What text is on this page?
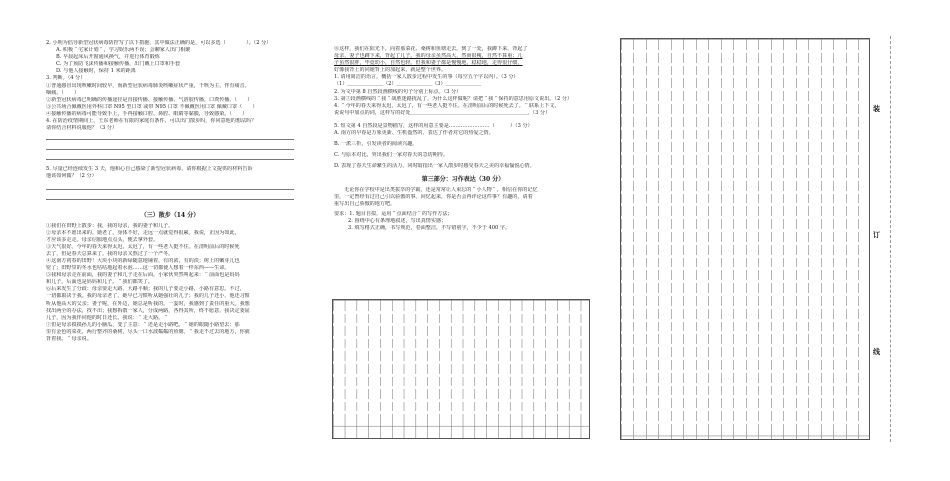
2. 小明为倡导新型冠状病毒防控写了以下措施，其中做法正确的是，可以多选（　　　　）。（2 分）

A. 积极＂宅家计划＂，学习娱乐两不误；会聊家人出门相聚

B. 早晨起床后开窗通风换气，并进行体育锻炼

C. 为了预防飞沫传播和接触传播，出门戴上口罩和手套

D. 与他人接触时，保持 1 米的距离

3. 判断。（4 分）

①普通感冒出现咳嗽时间较早，而新型冠状病毒肺炎咳嗽症状严重，干咳为主，伴有痰音。

咽痛。（　　）

②新型冠状病毒已明确的传播途径是直接传播、接触传播、气溶胶传播。口粪传播。（　　）

③公共场合佩戴医用外科口罩 N95 型口罩 或带 N95 口罩 不佩戴医用口罩 佩戴口罩（　　）

④接触传播的病毒可能导致手上，手再接触口腔、鼻腔、眼睛等黏膜，导致感染。（　　）

4. 在防治疫情期间上，王东老师在有限的家庭有条件、可以出门散步吗，你同意他的想法吗？

请你结合材料说服他？（3 分）

5. 尽量已经连续发生 3 天，他和心自己感染了新型冠状病毒，请你根据上文提供的材料告诉

他该如何做？（2 分）

（三）散步（14 分）

①我们在田野上散步：我，我的母亲，我的妻子和儿子。

②母亲本不愿出来的。她老了，身体不好，走远一点就觉得很累。我说，正因为如此，

才应该多走走。母亲信服地点点头，便去拿外套。

③天气很好。今年的春天来得太迟，太迟了，有一些老人挺不住。在清明前后的时候死

去了，但是春天总算来了。我的母亲又熬过了一个严冬。

④这南方初春的田野！大块小块的新绿随意地铺着，有的浓，有的淡；树上的嫩芽儿也

密了；田野里的冬水也咕咕地起着水泡……这一切都使人想着一样东西——生命。

⑤我和母亲走在前面，我的妻子和儿子走在后面。小家伙突然叫起来：＂前面也是妈妈

和儿子，后面也是妈妈和儿子。＂我们都笑了。

⑥后来发生了分歧：母亲要走大路，大路平顺；我的儿子要走小路，小路有意思。不过，

一切都取决于我。我的母亲老了，她早已习惯听从她强壮的儿子；我的儿子还小，他还习惯

听从他高大的父亲；妻子呢，在外边，她总是听我的。一霎时，我感到了责任的重大。我想

找出两全的办法，找不出；我想拆散一家人，分成两路，各得其所，终不愿意。我决定委屈

儿子，因为我伴同他的时日还长。我说：＂走大路。＂

⑦但是母亲摸摸孙儿的小脑瓜，变了主意：＂还是走小路吧。＂她的眼随小路望去：那

里有金色的菜花，两行整齐的桑树，尽头一口水波粼粼的鱼塘。＂我走不过去的地方，你就

背着我。＂母亲说。

⑧这样，我们在阳光下，向着那菜花、桑树和鱼塘走去。到了一处，我蹲下来，背起了

母亲，妻子也蹲下来，背起了儿子。我的母亲虽然高大，然而很瘦，自然不算重；儿

子虽然很胖，毕竟幼小，自然也轻。但我和妻子都是慢慢地，稳稳地，走得很仔细，

好像我背上的同她背上的加起来，就是整个世界。

1. 请用简洁的语言，概括一家人散步过程中发生的事（每空五个字以内）。（3 分）

（1）＿＿＿＿＿＿＿（2）＿＿＿＿＿＿＿（3）＿＿＿＿＿＿＿

2. 为文中第 8 自然段画横线的句子分别上标点。（3 分）

3. 第⑦段画横线的＂我＂战胜迷路扰乱了，为什么这样做呢？请把＂我＂保持的意思用原文说出。（2 分）

4. ＂今年的春天来得太迟，太迟了，有一些老人挺不住。在清明前后的时候死去了。＂联系上下文，

说说句中加点的词，这样写的好处＿＿＿＿＿＿＿＿＿＿＿＿＿＿＿＿＿＿＿＿＿＿＿。（3 分）

5. 短文第 4 自然段是景物描写，这样的用意主要是……………………（　　　）（3 分）

A. 南方的早春是万象更新、生机盎然的，表达了作者对它的热爱之情。

B. 一派三折，引发读者的阅读兴趣。

C. 与原本对比，突出我们一家对春天的急切期待。

D. 表现了春天生命繁生的活力，同时暗指出一家人散步时感受春天之美的幸福愉悦心情。

第三部分：习作表达（30 分）

无论你在学校中是出类拔萃的学霸，还是常常让人束忘的＂小人物＂，相信在你的记忆

里，一定曾经有过自己引以骄傲的事。回忆起来，你是否会再评论这件事？有趣的，请着

重写出自己骄傲的地方吧。

要求：1. 题目自拟，运用＂点面结合＂的写作方法；

2. 围绕中心有条理地叙述，写出真情实感；

3. 填写格式正确，书写规范，卷面整洁，不写错别字，不少于 400 字。

装
订
线
